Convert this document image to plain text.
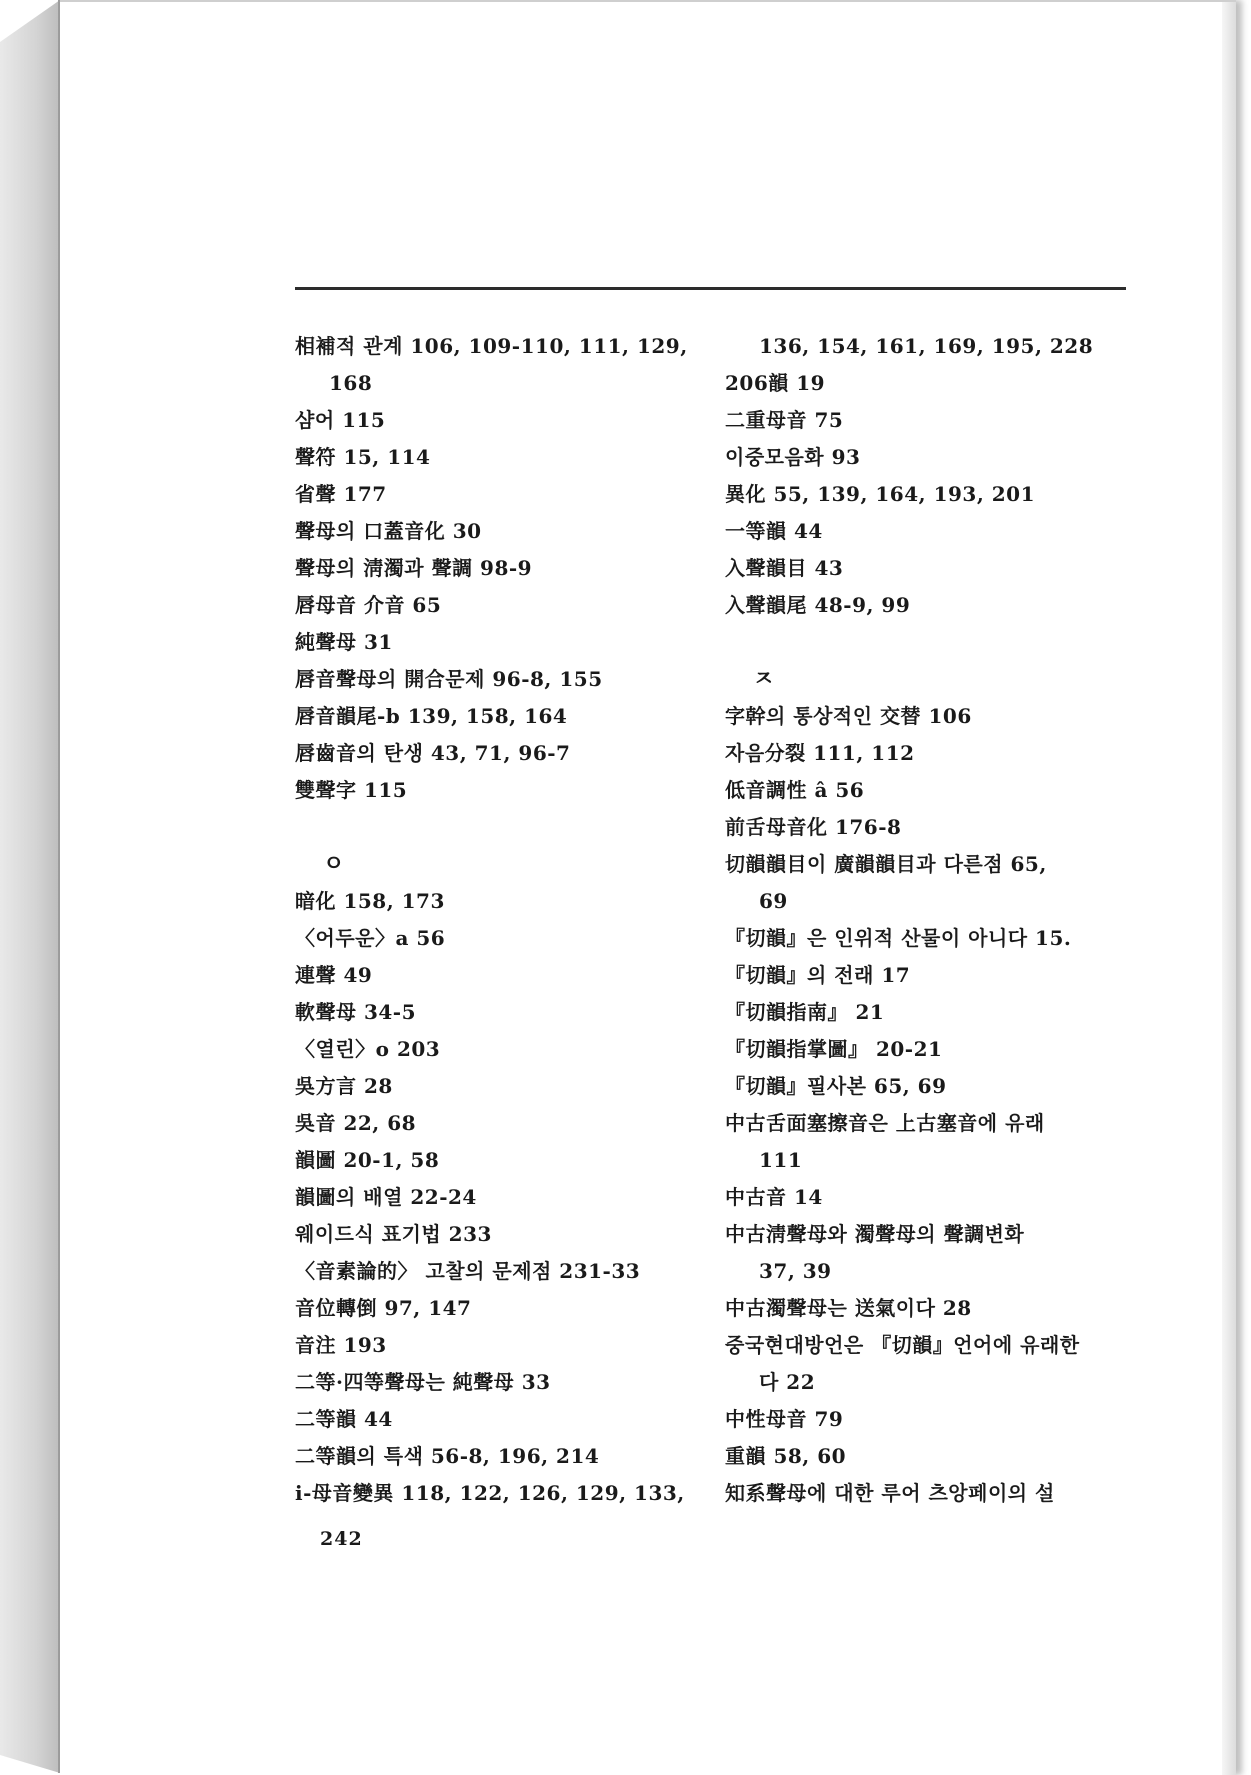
相補적 관계 106, 109-110, 111, 129,
168
샴어 115
聲符 15, 114
省聲 177
聲母의 口蓋音化 30
聲母의 淸濁과 聲調 98-9
唇母音 介音 65
純聲母 31
唇音聲母의 開合문제 96-8, 155
唇音韻尾-b 139, 158, 164
唇齒音의 탄생 43, 71, 96-7
雙聲字 115
ㅇ
暗化 158, 173
〈어두운〉a 56
連聲 49
軟聲母 34-5
〈열린〉o 203
吳方言 28
吳音 22, 68
韻圖 20-1, 58
韻圖의 배열 22-24
웨이드식 표기법 233
〈音素論的〉 고찰의 문제점 231-33
音位轉倒 97, 147
音注 193
二等·四等聲母는 純聲母 33
二等韻 44
二等韻의 특색 56-8, 196, 214
i-母音變異 118, 122, 126, 129, 133,
136, 154, 161, 169, 195, 228
206韻 19
二重母音 75
이중모음화 93
異化 55, 139, 164, 193, 201
一等韻 44
入聲韻目 43
入聲韻尾 48-9, 99
ㅈ
字幹의 통상적인 交替 106
자음分裂 111, 112
低音調性 â 56
前舌母音化 176-8
切韻韻目이 廣韻韻目과 다른점 65,
69
『切韻』은 인위적 산물이 아니다 15.
『切韻』의 전래 17
『切韻指南』 21
『切韻指掌圖』 20-21
『切韻』필사본 65, 69
中古舌面塞擦音은 上古塞音에 유래
111
中古音 14
中古淸聲母와 濁聲母의 聲調변화
37, 39
中古濁聲母는 送氣이다 28
중국현대방언은 『切韻』언어에 유래한
다 22
中性母音 79
重韻 58, 60
知系聲母에 대한 루어 츠앙페이의 설
242
